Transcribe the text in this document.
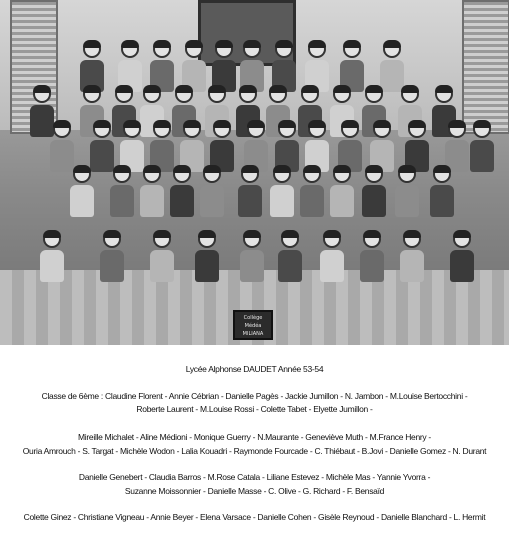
Collège
Médéa
MILIANA
Lycée Alphonse DAUDET Année 53-54
Classe de 6ème : Claudine Florent - Annie Cébrian - Danielle Pagès - Jackie Jumillon - N. Jambon - M.Louise Bertocchini -
Roberte Laurent - M.Louise Rossi - Colette Tabet - Elyette Jumillon -
Mireille Michalet - Aline Médioni - Monique Guerry - N.Maurante - Geneviève Muth - M.France Henry -
Ouria Amrouch - S. Targat - Michèle Wodon - Lalia Kouadri - Raymonde Fourcade - C. Thiébaut - B.Jovi - Danielle Gomez - N. Durant
Danielle Genebert - Claudia Barros - M.Rose Catala - Liliane Estevez - Michèle Mas - Yannie Yvorra -
Suzanne Moissonnier - Danielle Masse - C. Olive - G. Richard - F. Bensaïd
Colette Ginez - Christiane Vigneau - Annie Beyer - Elena Varsace - Danielle Cohen - Gisèle Reynoud - Danielle Blanchard - L. Hermit
